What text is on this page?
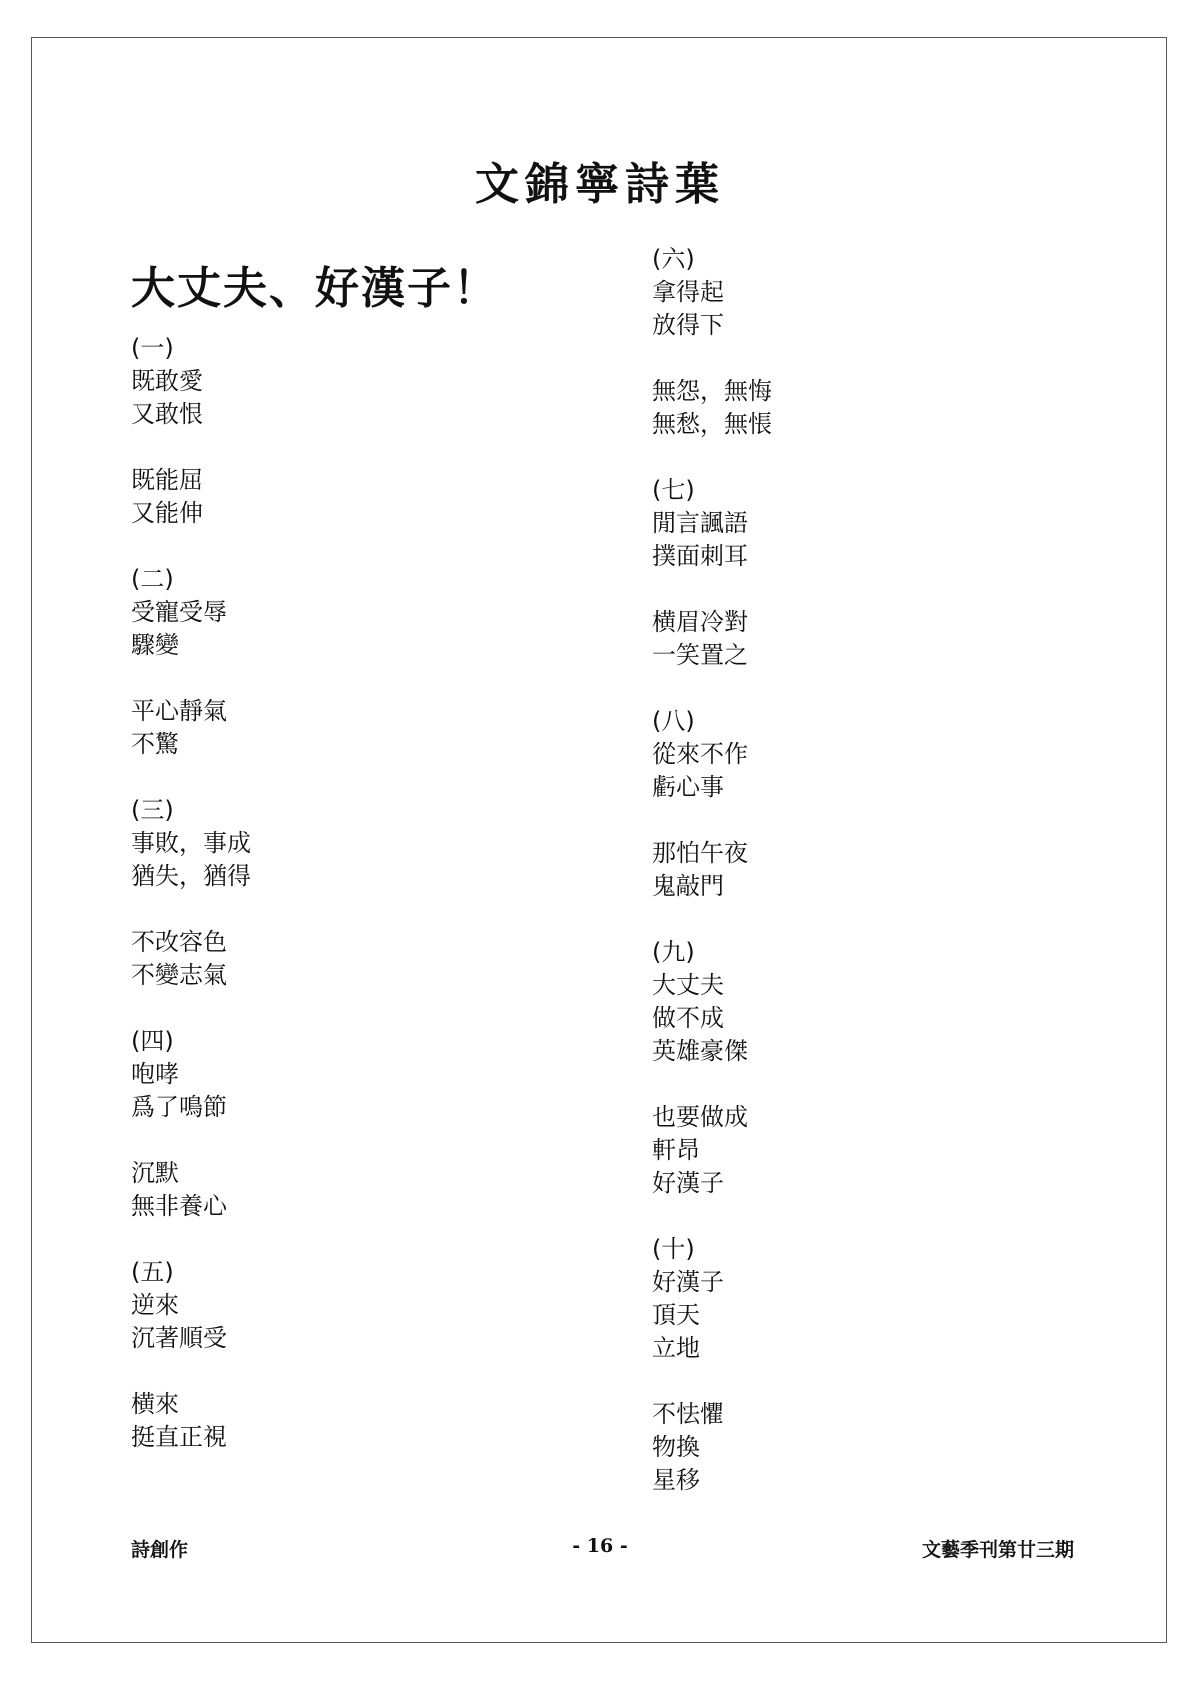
文錦寧詩葉
大丈夫、好漢子！
(一)
既敢愛
又敢恨
既能屈
又能伸
(二)
受寵受辱
驟變
平心靜氣
不驚
(三)
事敗，事成
猶失，猶得
不改容色
不變志氣
(四)
咆哮
爲了鳴節
沉默
無非養心
(五)
逆來
沉著順受
横來
挺直正視
(六)
拿得起
放得下
無怨，無悔
無愁，無悵
(七)
閒言諷語
撲面刺耳
横眉冷對
一笑置之
(八)
從來不作
虧心事
那怕午夜
鬼敲門
(九)
大丈夫
做不成
英雄豪傑
也要做成
軒昂
好漢子
(十)
好漢子
頂天
立地
不怯懼
物換
星移
詩創作	- 16 -	文藝季刊第廿三期
